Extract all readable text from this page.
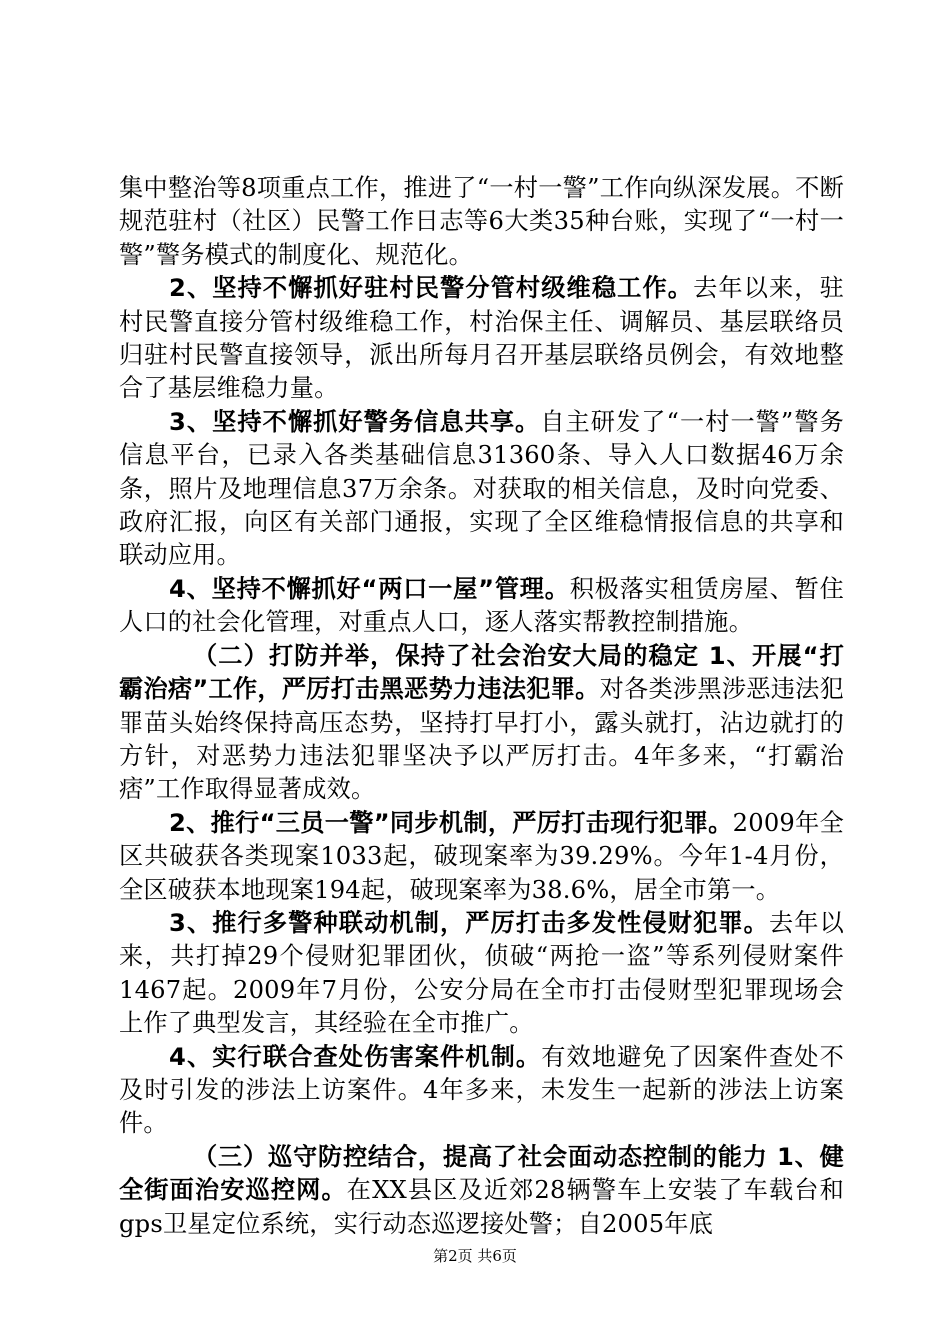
集中整治等8项重点工作，推进了“一村一警”工作向纵深发展。不断规范驻村（社区）民警工作日志等6大类35种台账，实现了“一村一警”警务模式的制度化、规范化。

2、坚持不懈抓好驻村民警分管村级维稳工作。去年以来，驻村民警直接分管村级维稳工作，村治保主任、调解员、基层联络员归驻村民警直接领导，派出所每月召开基层联络员例会，有效地整合了基层维稳力量。

3、坚持不懈抓好警务信息共享。自主研发了“一村一警”警务信息平台，已录入各类基础信息31360条、导入人口数据46万余条，照片及地理信息37万余条。对获取的相关信息，及时向党委、政府汇报，向区有关部门通报，实现了全区维稳情报信息的共享和联动应用。

4、坚持不懈抓好“两口一屋”管理。积极落实租赁房屋、暂住人口的社会化管理，对重点人口，逐人落实帮教控制措施。

（二）打防并举，保持了社会治安大局的稳定 1、开展“打霸治痞”工作，严厉打击黑恶势力违法犯罪。对各类涉黑涉恶违法犯罪苗头始终保持高压态势，坚持打早打小，露头就打，沾边就打的方针，对恶势力违法犯罪坚决予以严厉打击。4年多来，“打霸治痞”工作取得显著成效。

2、推行“三员一警”同步机制，严厉打击现行犯罪。2009年全区共破获各类现案1033起，破现案率为39.29%。今年1-4月份，全区破获本地现案194起，破现案率为38.6%，居全市第一。

3、推行多警种联动机制，严厉打击多发性侵财犯罪。去年以来，共打掉29个侵财犯罪团伙，侦破“两抢一盗”等系列侵财案件1467起。2009年7月份，公安分局在全市打击侵财型犯罪现场会上作了典型发言，其经验在全市推广。

4、实行联合查处伤害案件机制。有效地避免了因案件查处不及时引发的涉法上访案件。4年多来，未发生一起新的涉法上访案件。

（三）巡守防控结合，提高了社会面动态控制的能力 1、健全街面治安巡控网。在XX县区及近郊28辆警车上安装了车载台和gps卫星定位系统，实行动态巡逻接处警；自2005年底

第2页 共6页
